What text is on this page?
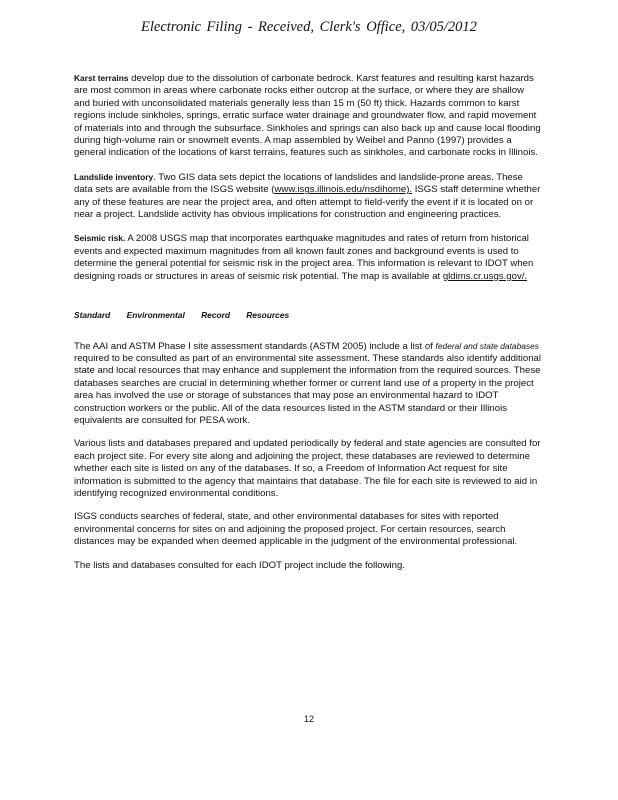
Electronic Filing - Received, Clerk's Office, 03/05/2012

Karst terrains develop due to the dissolution of carbonate bedrock. Karst features and resulting karst hazards are most common in areas where carbonate rocks either outcrop at the surface, or where they are shallow and buried with unconsolidated materials generally less than 15 m (50 ft) thick. Hazards common to karst regions include sinkholes, springs, erratic surface water drainage and groundwater flow, and rapid movement of materials into and through the subsurface. Sinkholes and springs can also back up and cause local flooding during high-volume rain or snowmelt events. A map assembled by Weibel and Panno (1997) provides a general indication of the locations of karst terrains, features such as sinkholes, and carbonate rocks in Illinois.

Landslide inventory. Two GIS data sets depict the locations of landslides and landslide-prone areas. These data sets are available from the ISGS website (www.isgs.illinois.edu/nsdihome). ISGS staff determine whether any of these features are near the project area, and often attempt to field-verify the event if it is located on or near a project. Landslide activity has obvious implications for construction and engineering practices.

Seismic risk. A 2008 USGS map that incorporates earthquake magnitudes and rates of return from historical events and expected maximum magnitudes from all known fault zones and background events is used to determine the general potential for seismic risk in the project area. This information is relevant to IDOT when designing roads or structures in areas of seismic risk potential. The map is available at gldims.cr.usgs.gov/.

Standard Environmental Record Resources

The AAI and ASTM Phase I site assessment standards (ASTM 2005) include a list of federal and state databases required to be consulted as part of an environmental site assessment. These standards also identify additional state and local resources that may enhance and supplement the information from the required sources. These databases searches are crucial in determining whether former or current land use of a property in the project area has involved the use or storage of substances that may pose an environmental hazard to IDOT construction workers or the public. All of the data resources listed in the ASTM standard or their Illinois equivalents are consulted for PESA work.

Various lists and databases prepared and updated periodically by federal and state agencies are consulted for each project site. For every site along and adjoining the project, these databases are reviewed to determine whether each site is listed on any of the databases. If so, a Freedom of Information Act request for site information is submitted to the agency that maintains that database. The file for each site is reviewed to aid in identifying recognized environmental conditions.

ISGS conducts searches of federal, state, and other environmental databases for sites with reported environmental concerns for sites on and adjoining the proposed project. For certain resources, search distances may be expanded when deemed applicable in the judgment of the environmental professional.

The lists and databases consulted for each IDOT project include the following.

12
